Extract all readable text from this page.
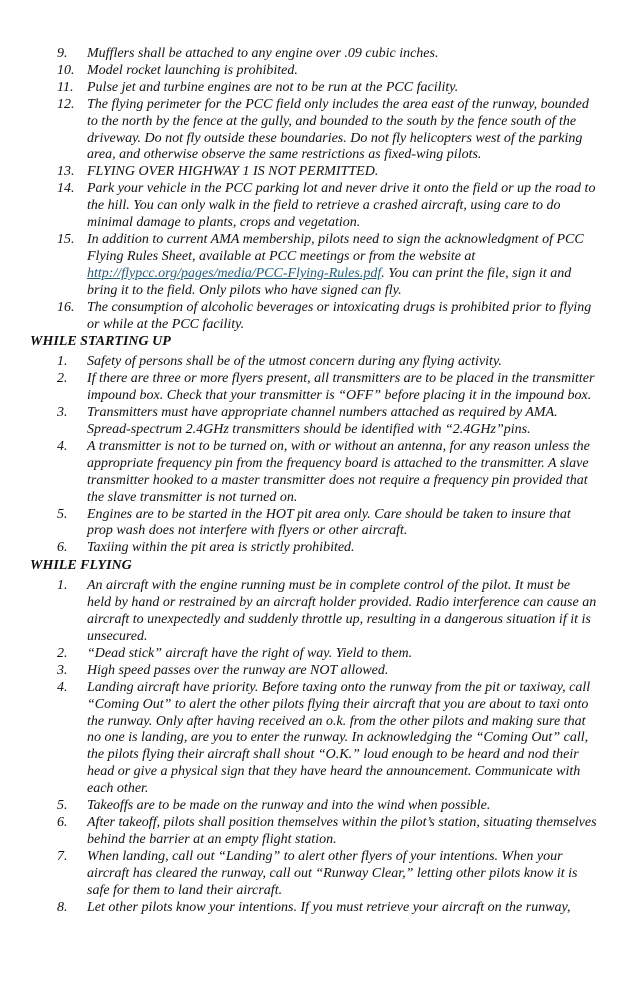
9.	Mufflers shall be attached to any engine over .09 cubic inches.
10. Model rocket launching is prohibited.
11. Pulse jet and turbine engines are not to be run at the PCC facility.
12. The flying perimeter for the PCC field only includes the area east of the runway, bounded to the north by the fence at the gully, and bounded to the south by the fence south of the driveway. Do not fly outside these boundaries. Do not fly helicopters west of the parking area, and otherwise observe the same restrictions as fixed-wing pilots.
13. FLYING OVER HIGHWAY 1 IS NOT PERMITTED.
14. Park your vehicle in the PCC parking lot and never drive it onto the field or up the road to the hill. You can only walk in the field to retrieve a crashed aircraft, using care to do minimal damage to plants, crops and vegetation.
15. In addition to current AMA membership, pilots need to sign the acknowledgment of PCC Flying Rules Sheet, available at PCC meetings or from the website at http://flypcc.org/pages/media/PCC-Flying-Rules.pdf. You can print the file, sign it and bring it to the field. Only pilots who have signed can fly.
16. The consumption of alcoholic beverages or intoxicating drugs is prohibited prior to flying or while at the PCC facility.
WHILE STARTING UP
1.	Safety of persons shall be of the utmost concern during any flying activity.
2.	If there are three or more flyers present, all transmitters are to be placed in the transmitter impound box. Check that your transmitter is “OFF” before placing it in the impound box.
3.	Transmitters must have appropriate channel numbers attached as required by AMA. Spread-spectrum 2.4GHz transmitters should be identified with “2.4GHz”pins.
4.	A transmitter is not to be turned on, with or without an antenna, for any reason unless the appropriate frequency pin from the frequency board is attached to the transmitter. A slave transmitter hooked to a master transmitter does not require a frequency pin provided that the slave transmitter is not turned on.
5.	Engines are to be started in the HOT pit area only. Care should be taken to insure that prop wash does not interfere with flyers or other aircraft.
6.	Taxiing within the pit area is strictly prohibited.
WHILE FLYING
1.	An aircraft with the engine running must be in complete control of the pilot. It must be held by hand or restrained by an aircraft holder provided. Radio interference can cause an aircraft to unexpectedly and suddenly throttle up, resulting in a dangerous situation if it is unsecured.
2.	“Dead stick” aircraft have the right of way. Yield to them.
3.	High speed passes over the runway are NOT allowed.
4.	Landing aircraft have priority. Before taxing onto the runway from the pit or taxiway, call “Coming Out” to alert the other pilots flying their aircraft that you are about to taxi onto the runway. Only after having received an o.k. from the other pilots and making sure that no one is landing, are you to enter the runway. In acknowledging the “Coming Out” call, the pilots flying their aircraft shall shout “O.K.” loud enough to be heard and nod their head or give a physical sign that they have heard the announcement. Communicate with each other.
5.	Takeoffs are to be made on the runway and into the wind when possible.
6.	After takeoff, pilots shall position themselves within the pilot’s station, situating themselves behind the barrier at an empty flight station.
7.	When landing, call out “Landing” to alert other flyers of your intentions. When your aircraft has cleared the runway, call out “Runway Clear,” letting other pilots know it is safe for them to land their aircraft.
8.	Let other pilots know your intentions. If you must retrieve your aircraft on the runway,
